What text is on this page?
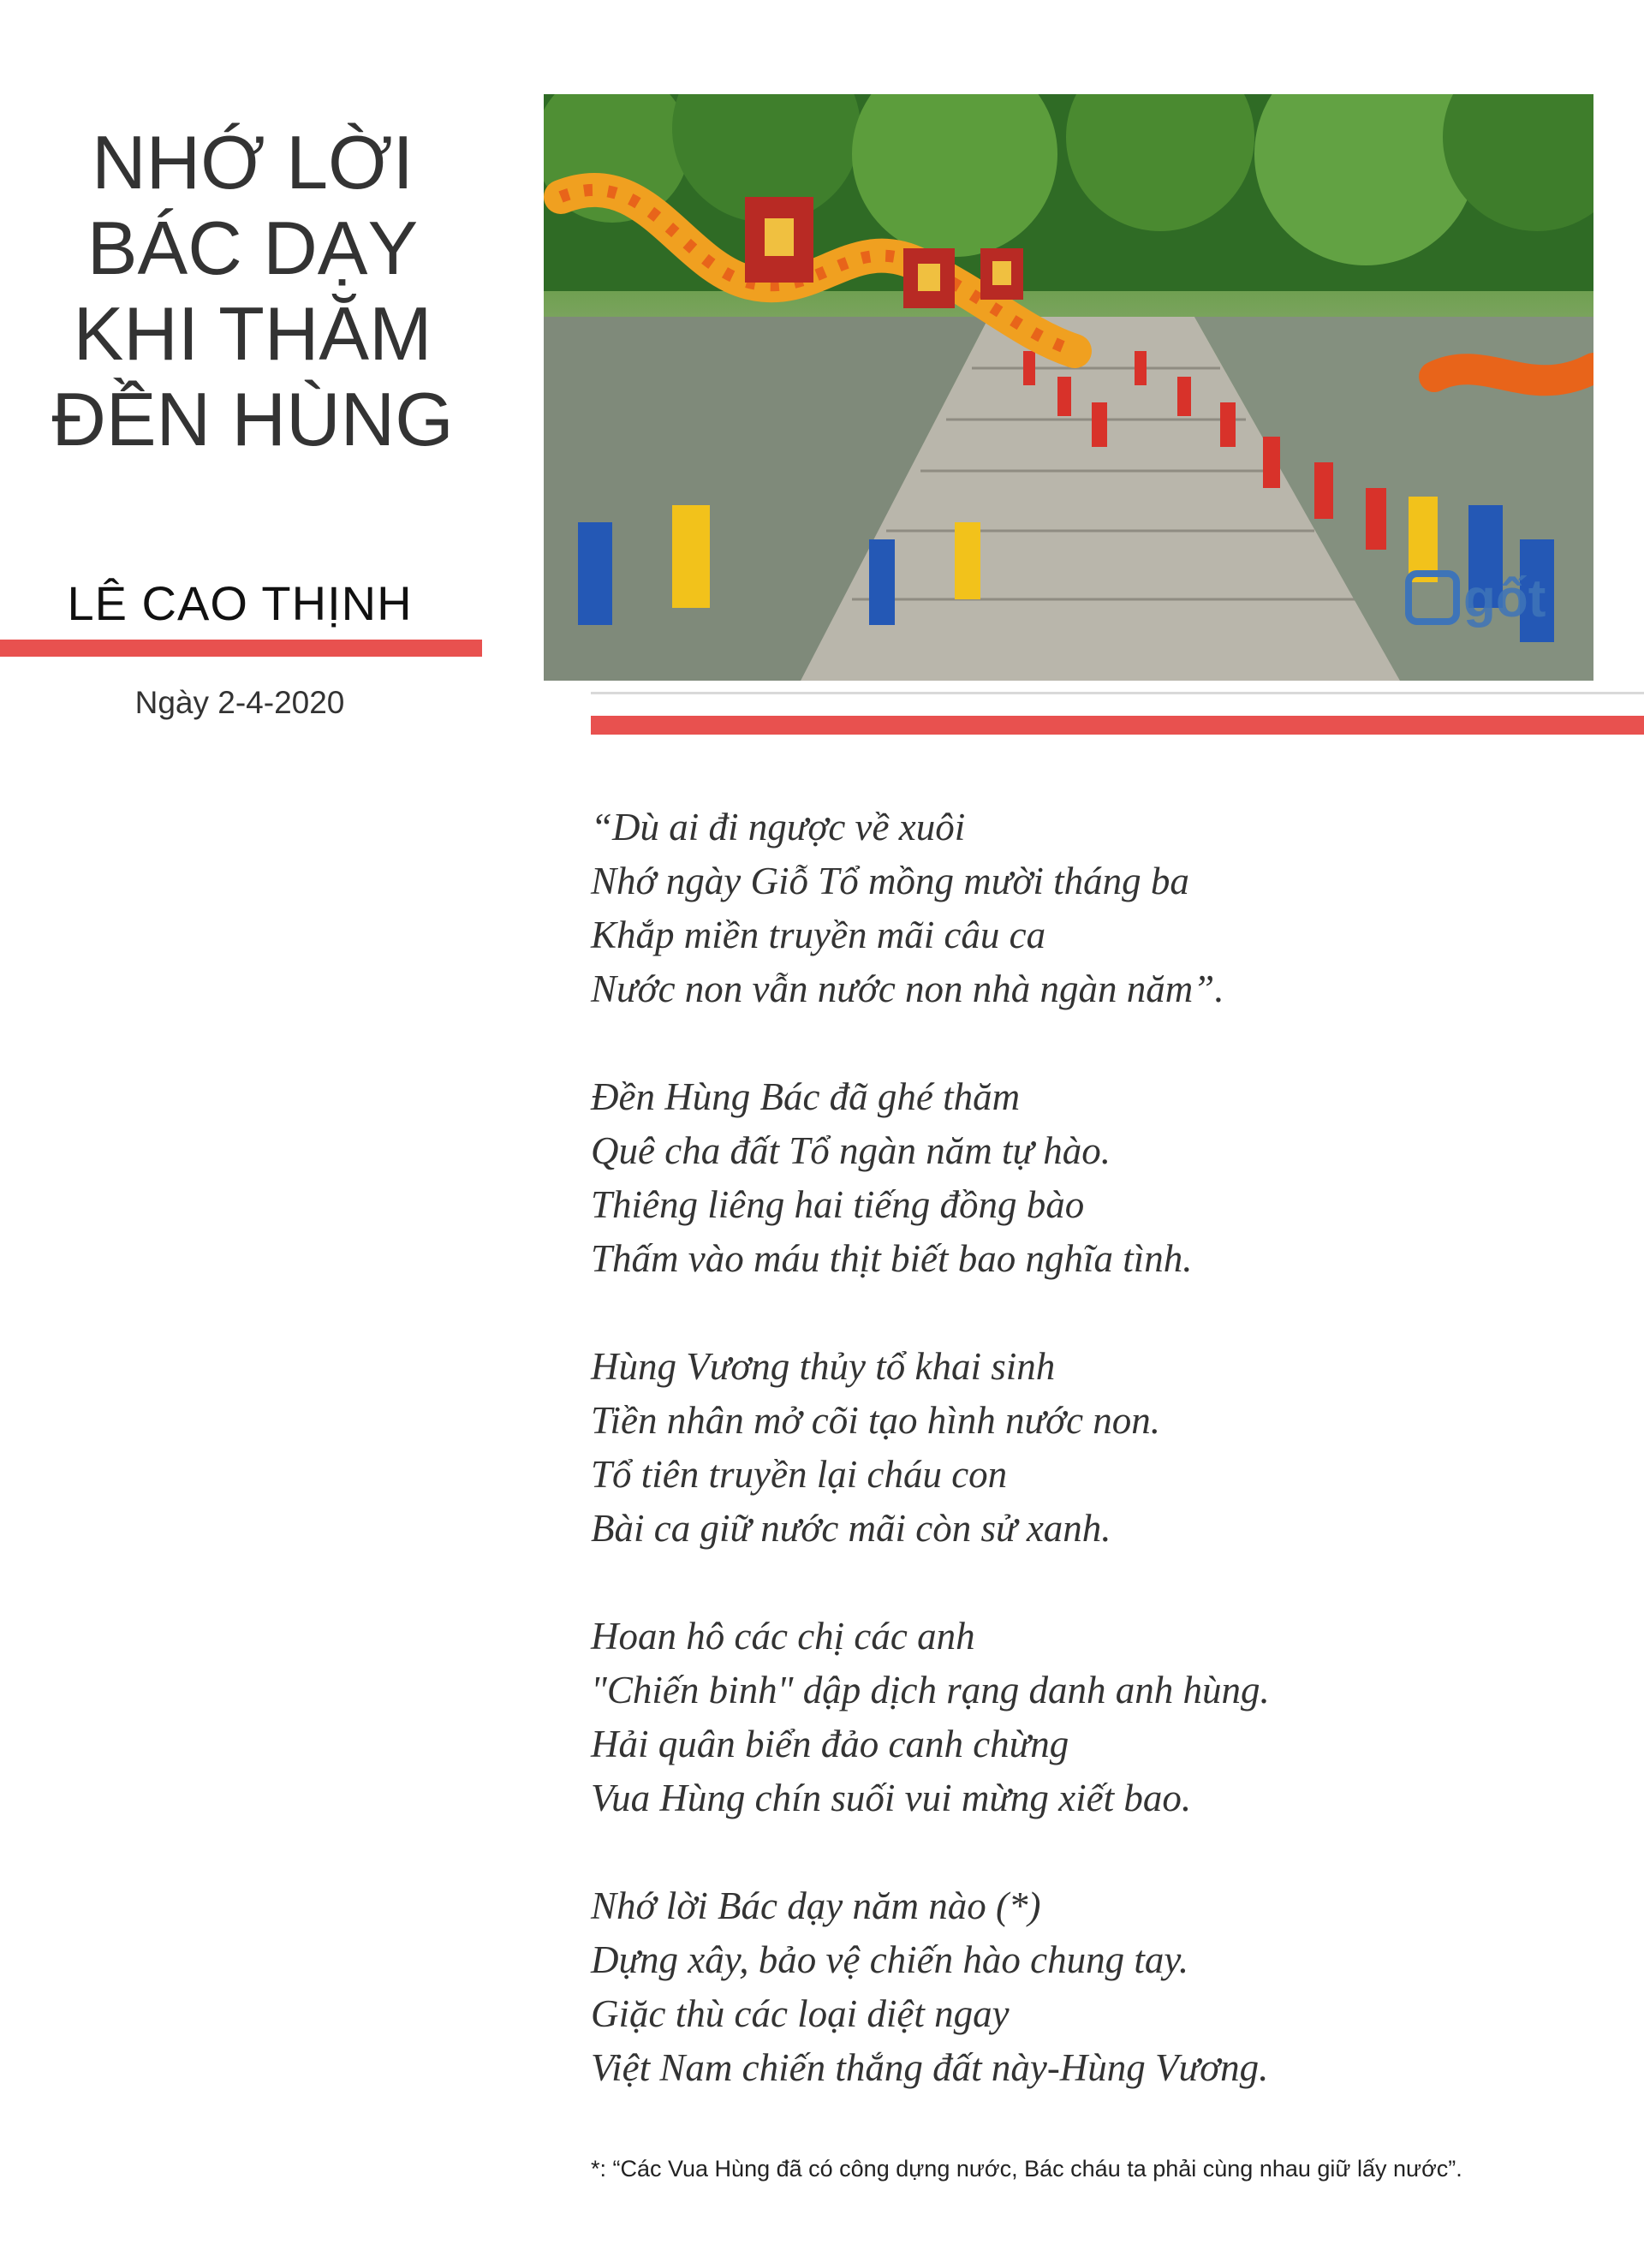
NHỚ LỜI
BÁC DẠY
KHI THĂM
ĐỀN HÙNG
LÊ CAO THỊNH
Ngày 2-4-2020
gốt
“Dù ai đi ngược về xuôi
Nhớ ngày Giỗ Tổ mồng mười tháng ba
Khắp miền truyền mãi câu ca
Nước non vẫn nước non nhà ngàn năm”.
Đền Hùng Bác đã ghé thăm
Quê cha đất Tổ ngàn năm tự hào.
Thiêng liêng hai tiếng đồng bào
Thấm vào máu thịt biết bao nghĩa tình.
Hùng Vương thủy tổ khai sinh
Tiền nhân mở cõi tạo hình nước non.
Tổ tiên truyền lại cháu con
Bài ca giữ nước mãi còn sử xanh.
Hoan hô các chị các anh
"Chiến binh" dập dịch rạng danh anh hùng.
Hải quân biển đảo canh chừng
Vua Hùng chín suối vui mừng xiết bao.
Nhớ lời Bác dạy năm nào (*)
Dựng xây, bảo vệ chiến hào chung tay.
Giặc thù các loại diệt ngay
Việt Nam chiến thắng đất này-Hùng Vương.
*: “Các Vua Hùng đã có công dựng nước, Bác cháu ta phải cùng nhau giữ lấy nước”.
